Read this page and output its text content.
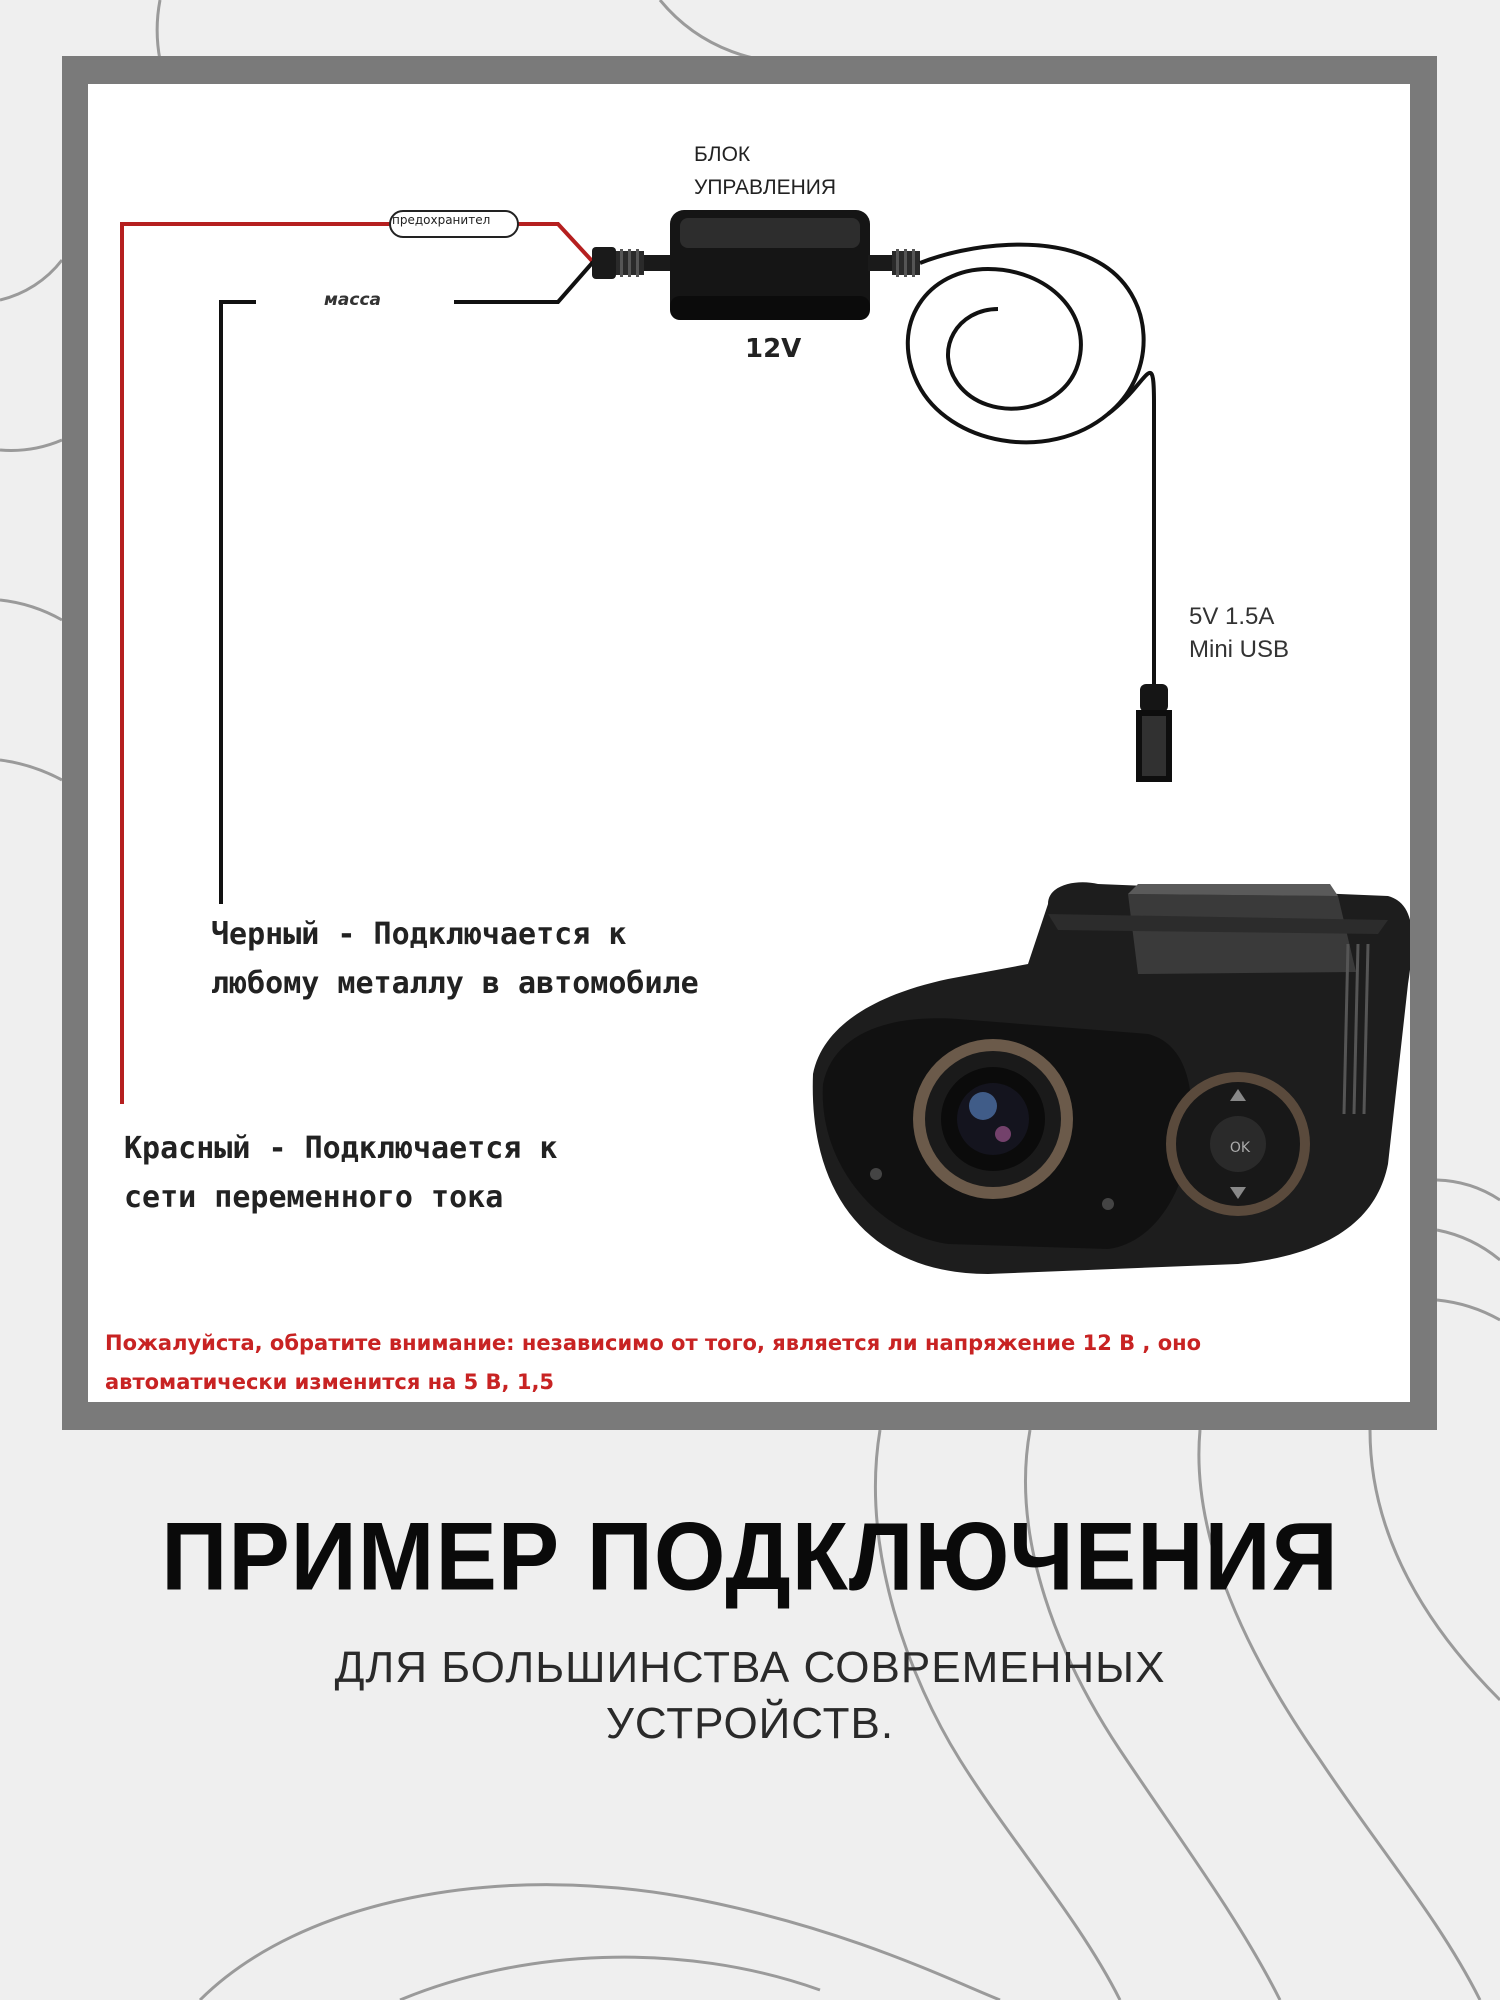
OK
БЛОК
УПРАВЛЕНИЯ
предохранител
масса
12V
5V 1.5A
Mini USB
Черный - Подключается к
любому металлу в автомобиле
Красный - Подключается к
сети переменного тока
Пожалуйста, обратите внимание: независимо от того, является ли напряжение 12 В , оно
автоматически изменится на 5 В, 1,5
ПРИМЕР ПОДКЛЮЧЕНИЯ
ДЛЯ БОЛЬШИНСТВА СОВРЕМЕННЫХ
УСТРОЙСТВ.
